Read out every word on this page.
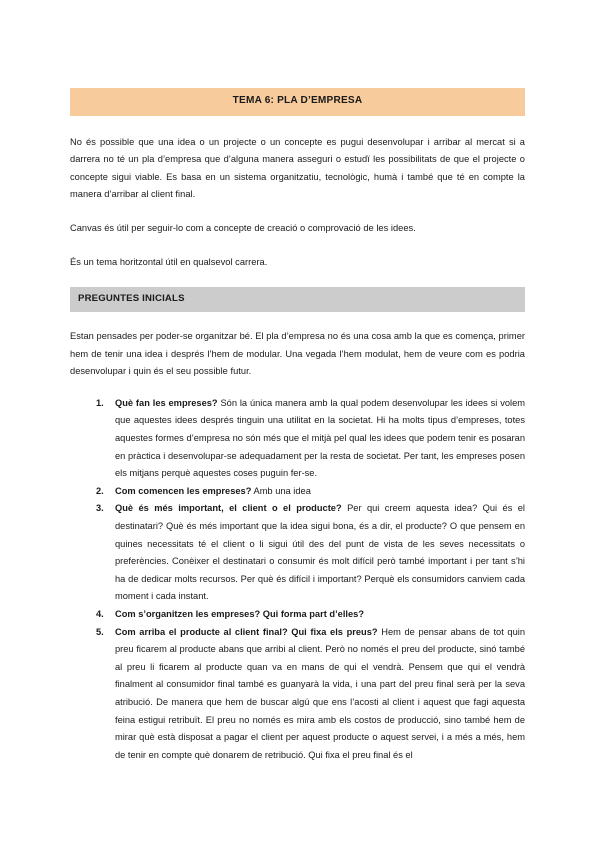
TEMA 6: PLA D’EMPRESA

No és possible que una idea o un projecte o un concepte es pugui desenvolupar i arribar al mercat si a darrera no té un pla d’empresa que d’alguna manera asseguri o estudï les possibilitats de que el projecte o concepte sigui viable. Es basa en un sistema organitzatiu, tecnològic, humà i també que té en compte la manera d’arribar al client final.

Canvas és útil per seguir-lo com a concepte de creació o comprovació de les idees.

És un tema horitzontal útil en qualsevol carrera.

PREGUNTES INICIALS

Estan pensades per poder-se organitzar bé. El pla d’empresa no és una cosa amb la que es comença, primer hem de tenir una idea i després l’hem de modular. Una vegada l’hem modulat, hem de veure com es podria desenvolupar i quin és el seu possible futur.

Què fan les empreses? Són la única manera amb la qual podem desenvolupar les idees si volem que aquestes idees després tinguin una utilitat en la societat. Hi ha molts tipus d’empreses, totes aquestes formes d’empresa no són més que el mitjà pel qual les idees que podem tenir es posaran en pràctica i desenvolupar-se adequadament per la resta de societat. Per tant, les empreses posen els mitjans perquè aquestes coses puguin fer-se.
Com comencen les empreses? Amb una idea
Què és més important, el client o el producte? Per qui creem aquesta idea? Qui és el destinatari? Què és més important que la idea sigui bona, és a dir, el producte? O que pensem en quines necessitats té el client o li sigui útil des del punt de vista de les seves necessitats o preferències. Conèixer el destinatari o consumir és molt difícil però també important i per tant s’hi ha de dedicar molts recursos. Per què és difícil i important? Perquè els consumidors canviem cada moment i cada instant.
Com s’organitzen les empreses? Qui forma part d’elles?
Com arriba el producte al client final? Qui fixa els preus? Hem de pensar abans de tot quin preu ficarem al producte abans que arribi al client. Però no només el preu del producte, sinó també al preu li ficarem al producte quan va en mans de qui el vendrà. Pensem que qui el vendrà finalment al consumidor final també es guanyarà la vida, i una part del preu final serà per la seva atribució. De manera que hem de buscar algú que ens l’acosti al client i aquest que fagi aquesta feina estigui retribuït. El preu no només es mira amb els costos de producció, sino també hem de mirar què està disposat a pagar el client per aquest producte o aquest servei, i a més a més, hem de tenir en compte què donarem de retribució. Qui fixa el preu final és el
